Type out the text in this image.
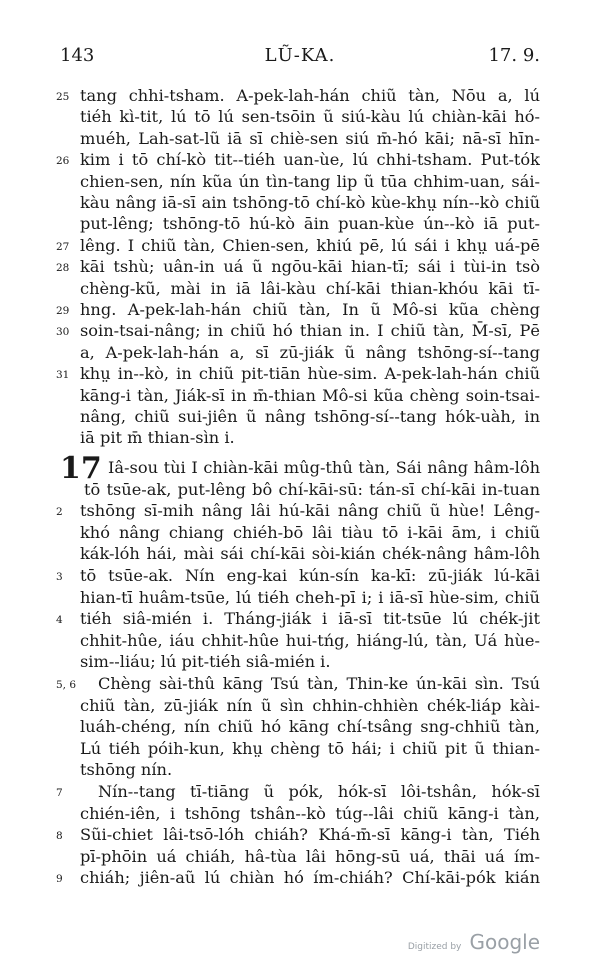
143	LŨ-KA.	17. 9.
25 tang chhi-tsham. A-pek-lah-hán chiũ tàn, Nōu a, lú
tiéh kì-tit, lú tō lú sen-tsōin ũ siú-kàu lú chiàn-kāi hó-
muéh, Lah-sat-lũ iā sī chiè-sen siú m̄-hó kāi; nā-sī hīn-
26 kim i tō chí-kò tit--tiéh uan-ùe, lú chhi-tsham. Put-tók
chien-sen, nín kũa ún tìn-tang lip ũ tūa chhim-uan, sái-
kàu nâng iā-sī ain tshōng-tō chí-kò kùe-khṳ nín--kò chiũ
put-lêng; tshōng-tō hú-kò āin puan-kùe ún--kò iā put-
27 lêng. I chiũ tàn, Chien-sen, khiú pē, lú sái i khṳ uá-pē
28 kāi tshù; uân-in uá ũ ngōu-kāi hian-tī; sái i tùi-in tsò
chèng-kũ, mài in iā lâi-kàu chí-kāi thian-khóu kāi tī-
29 hng. A-pek-lah-hán chiũ tàn, In ũ Mô-si kũa chèng
30 soin-tsai-nâng; in chiũ hó thian in. I chiũ tàn, M̄-sī, Pē
a, A-pek-lah-hán a, sī zū-jiák ũ nâng tshōng-sí--tang
31 khṳ in--kò, in chiũ pit-tiān hùe-sim. A-pek-lah-hán chiũ
kāng-i tàn, Jiák-sī in m̄-thian Mô-si kũa chèng soin-tsai-
nâng, chiũ sui-jiên ũ nâng tshōng-sí--tang hók-uàh, in
iā pit m̄ thian-sìn i.
Iâ-sou tùi I chiàn-kāi mûg-thû tàn, Sái nâng hâm-lôh
tō tsūe-ak, put-lêng bô chí-kāi-sū: tán-sī chí-kāi in-tuan
2	tshōng sī-mih nâng lâi hú-kāi nâng chiũ ũ hùe! Lêng-
khó nâng chiang chiéh-bō lâi tiàu tō i-kāi ām, i chiũ
kák-lóh hái, mài sái chí-kāi sòi-kián chék-nâng hâm-lôh
3	tō tsūe-ak. Nín eng-kai kún-sín ka-kī: zū-jiák lú-kāi
hian-tī huâm-tsūe, lú tiéh cheh-pī i; i iā-sī hùe-sim, chiũ
4	tiéh siâ-mién i. Tháng-jiák i iā-sī tit-tsūe lú chék-jit
chhit-hûe, iáu chhit-hûe hui-tńg, hiáng-lú, tàn, Uá hùe-
sim--liáu; lú pit-tiéh siâ-mién i.
5, 6 Chèng sài-thû kāng Tsú tàn, Thin-ke ún-kāi sìn. Tsú
chiũ tàn, zū-jiák nín ũ sìn chhin-chhièn chék-liáp kài-
luáh-chéng, nín chiũ hó kāng chí-tsâng sng-chhiũ tàn,
Lú tiéh póih-kun, khṳ chèng tō hái; i chiũ pit ũ thian-
tshōng nín.
7	Nín--tang tī-tiāng ũ pók, hók-sī lôi-tshân, hók-sī
chién-iên, i tshōng tshân--kò túg--lâi chiũ kāng-i tàn,
8	Sũi-chiet lâi-tsō-lóh chiáh? Khá-m̄-sī kāng-i tàn, Tiéh
pī-phōin uá chiáh, hâ-tùa lâi hōng-sū uá, thāi uá ím-
9	chiáh; jiên-aũ lú chiàn hó ím-chiáh? Chí-kāi-pók kián
17
Digitized by Google
